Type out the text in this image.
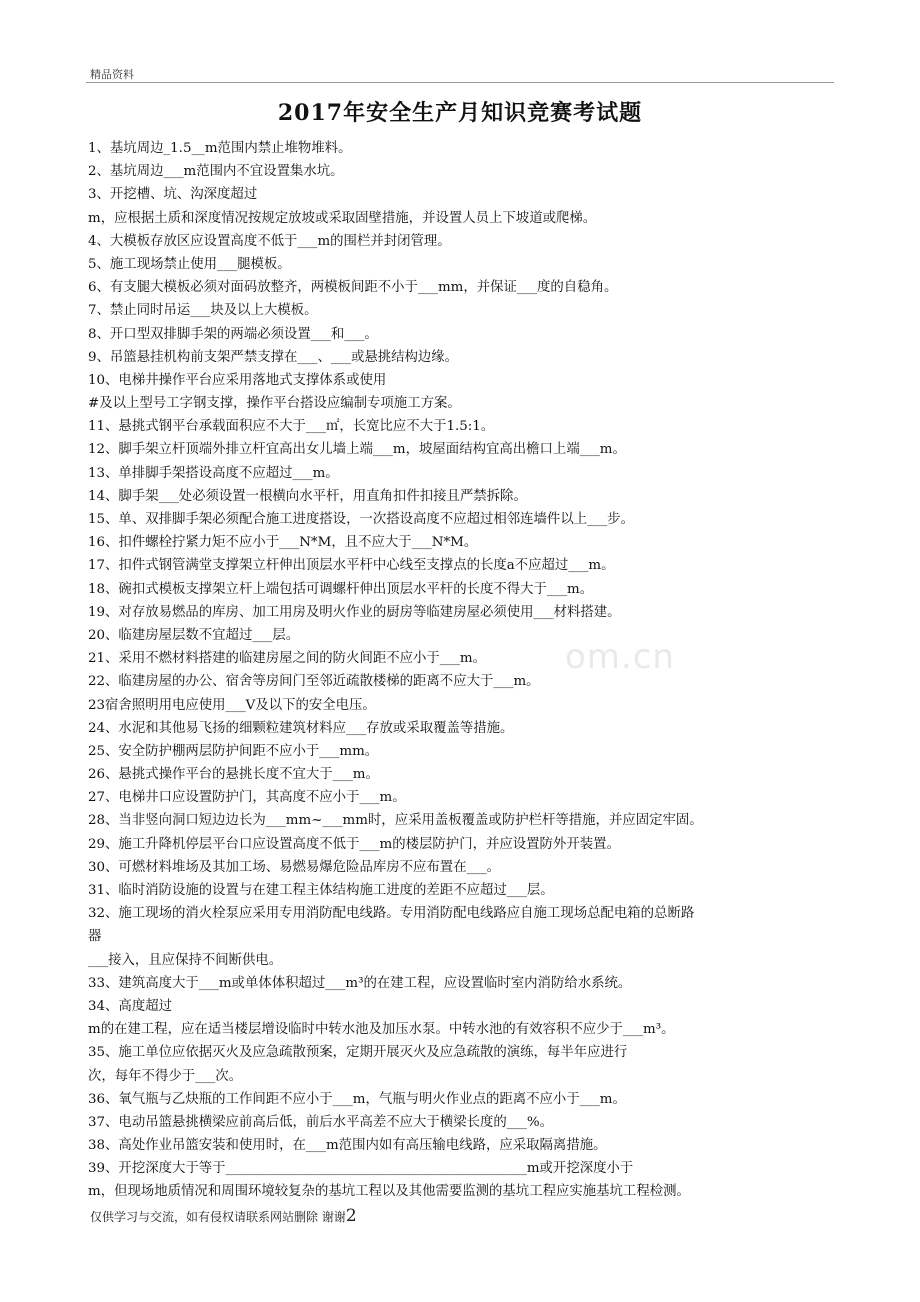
精品资料
2017年安全生产月知识竞赛考试题
1、基坑周边_1.5__m范围内禁止堆物堆料。
2、基坑周边___m范围内不宜设置集水坑。
3、开挖槽、坑、沟深度超过
m，应根据土质和深度情况按规定放坡或采取固壁措施，并设置人员上下坡道或爬梯。
4、大模板存放区应设置高度不低于___m的围栏并封闭管理。
5、施工现场禁止使用___腿模板。
6、有支腿大模板必须对面码放整齐，两模板间距不小于___mm，并保证___度的自稳角。
7、禁止同时吊运___块及以上大模板。
8、开口型双排脚手架的两端必须设置___和___。
9、吊篮悬挂机构前支架严禁支撑在___、___或悬挑结构边缘。
10、电梯井操作平台应采用落地式支撑体系或使用
#及以上型号工字钢支撑，操作平台搭设应编制专项施工方案。
11、悬挑式钢平台承载面积应不大于___㎡，长宽比应不大于1.5:1。
12、脚手架立杆顶端外排立杆宜高出女儿墙上端___m，坡屋面结构宜高出檐口上端___m。
13、单排脚手架搭设高度不应超过___m。
14、脚手架___处必须设置一根横向水平杆，用直角扣件扣接且严禁拆除。
15、单、双排脚手架必须配合施工进度搭设，一次搭设高度不应超过相邻连墙件以上___步。
16、扣件螺栓拧紧力矩不应小于___N*M，且不应大于___N*M。
17、扣件式钢管满堂支撑架立杆伸出顶层水平杆中心线至支撑点的长度a不应超过___m。
18、碗扣式模板支撑架立杆上端包括可调螺杆伸出顶层水平杆的长度不得大于___m。
19、对存放易燃品的库房、加工用房及明火作业的厨房等临建房屋必须使用___材料搭建。
20、临建房屋层数不宜超过___层。
21、采用不燃材料搭建的临建房屋之间的防火间距不应小于___m。
22、临建房屋的办公、宿舍等房间门至邻近疏散楼梯的距离不应大于___m。
23宿舍照明用电应使用___V及以下的安全电压。
24、水泥和其他易飞扬的细颗粒建筑材料应___存放或采取覆盖等措施。
25、安全防护棚两层防护间距不应小于___mm。
26、悬挑式操作平台的悬挑长度不宜大于___m。
27、电梯井口应设置防护门，其高度不应小于___m。
28、当非竖向洞口短边边长为___mm~___mm时，应采用盖板覆盖或防护栏杆等措施，并应固定牢固。
29、施工升降机停层平台口应设置高度不低于___m的楼层防护门，并应设置防外开装置。
30、可燃材料堆场及其加工场、易燃易爆危险品库房不应布置在___。
31、临时消防设施的设置与在建工程主体结构施工进度的差距不应超过___层。
32、施工现场的消火栓泵应采用专用消防配电线路。专用消防配电线路应自施工现场总配电箱的总断路
器
___接入，且应保持不间断供电。
33、建筑高度大于___m或单体体积超过___m³的在建工程，应设置临时室内消防给水系统。
34、高度超过
m的在建工程，应在适当楼层增设临时中转水池及加压水泵。中转水池的有效容积不应少于___m³。
35、施工单位应依据灭火及应急疏散预案，定期开展灭火及应急疏散的演练，每半年应进行
次，每年不得少于___次。
36、氧气瓶与乙炔瓶的工作间距不应小于___m，气瓶与明火作业点的距离不应小于___m。
37、电动吊篮悬挑横梁应前高后低，前后水平高差不应大于横梁长度的___%。
38、高处作业吊篮安装和使用时，在___m范围内如有高压输电线路，应采取隔离措施。
39、开挖深度大于等于_____________________________________________m或开挖深度小于
m，但现场地质情况和周围环境较复杂的基坑工程以及其他需要监测的基坑工程应实施基坑工程检测。
om.cn
仅供学习与交流，如有侵权请联系网站删除 谢谢2
